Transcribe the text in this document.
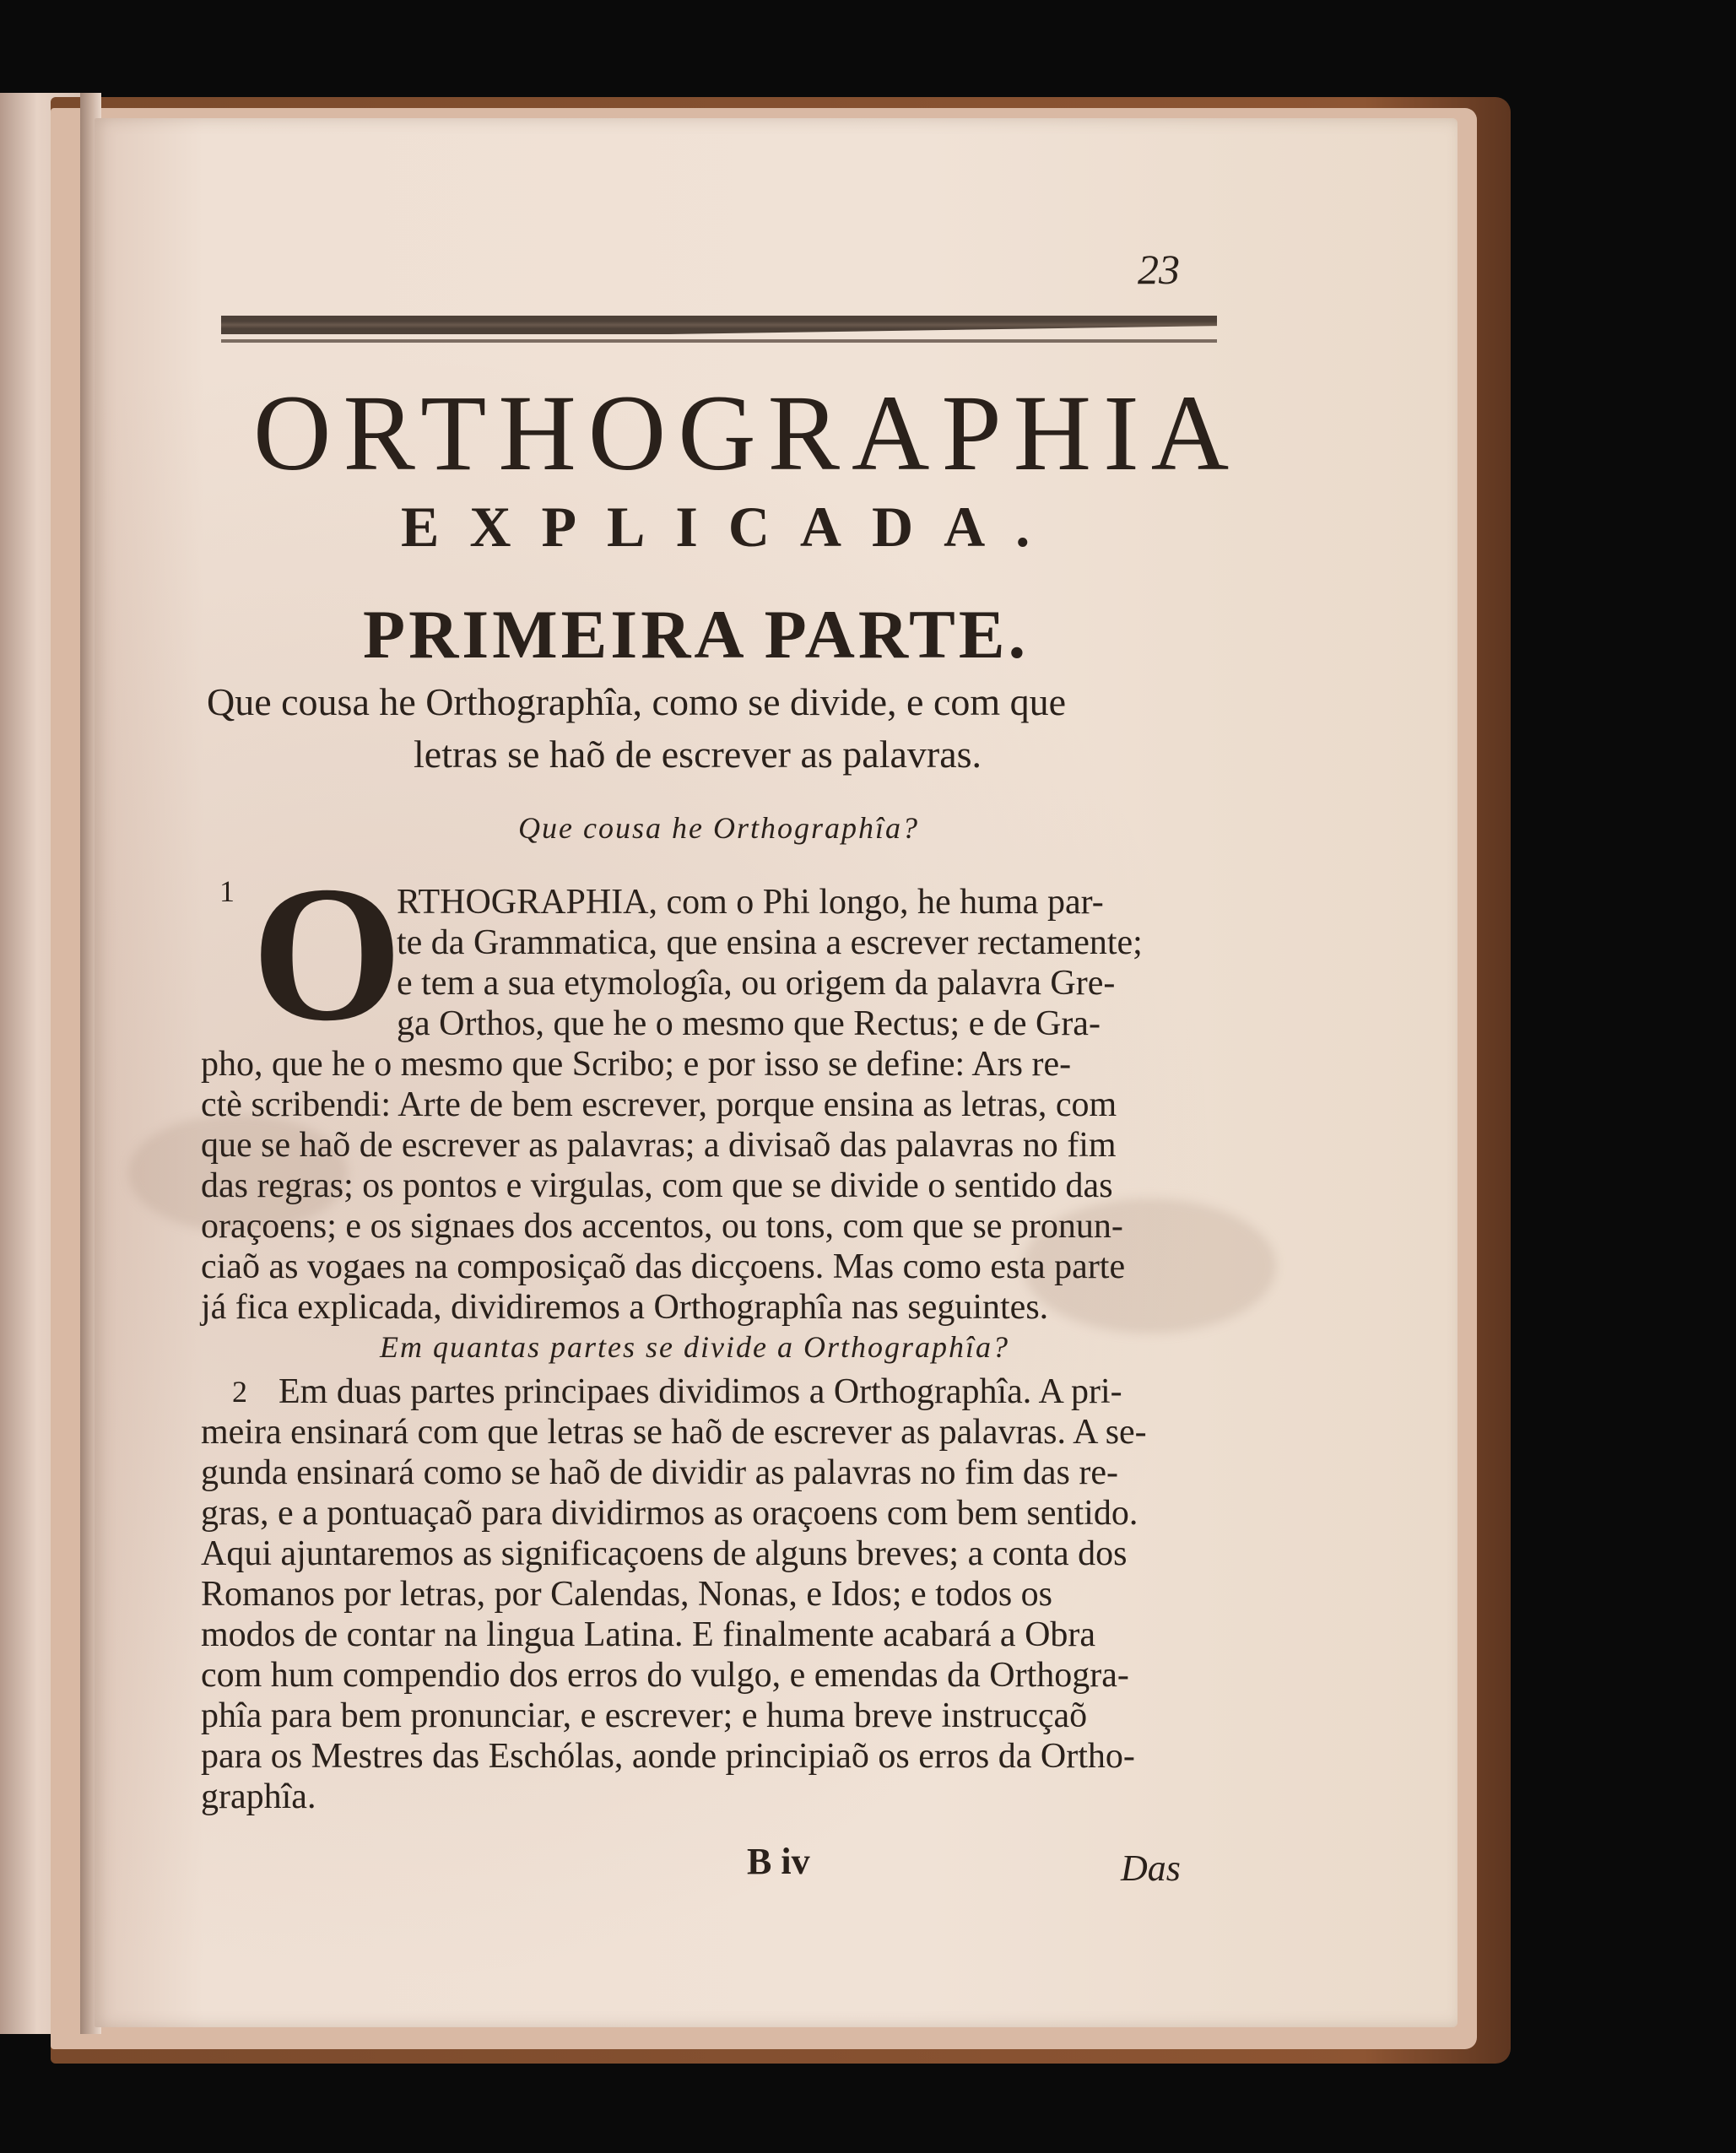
23
ORTHOGRAPHIA
EXPLICADA.
PRIMEIRA PARTE.
Que cousa he Orthographîa, como se divide, e com que
letras se haõ de escrever as palavras.
Que cousa he Orthographîa?
1 O
RTHOGRAPHIA, com o Phi longo, he huma par-
te da Grammatica, que ensina a escrever rectamente;
e tem a sua etymologîa, ou origem da palavra Gre-
ga Orthos, que he o mesmo que Rectus; e de Gra-
pho, que he o mesmo que Scribo; e por isso se define: Ars re-
ctè scribendi: Arte de bem escrever, porque ensina as letras, com
que se haõ de escrever as palavras; a divisaõ das palavras no fim
das regras; os pontos e virgulas, com que se divide o sentido das
oraçoens; e os signaes dos accentos, ou tons, com que se pronun-
ciaõ as vogaes na composiçaõ das dicçoens. Mas como esta parte
já fica explicada, dividiremos a Orthographîa nas seguintes.
Em quantas partes se divide a Orthographîa?
2 Em duas partes principaes dividimos a Orthographîa. A pri-
meira ensinará com que letras se haõ de escrever as palavras. A se-
gunda ensinará como se haõ de dividir as palavras no fim das re-
gras, e a pontuaçaõ para dividirmos as oraçoens com bem sentido.
Aqui ajuntaremos as significaçoens de alguns breves; a conta dos
Romanos por letras, por Calendas, Nonas, e Idos; e todos os
modos de contar na lingua Latina. E finalmente acabará a Obra
com hum compendio dos erros do vulgo, e emendas da Orthogra-
phîa para bem pronunciar, e escrever; e huma breve instrucçaõ
para os Mestres das Eschólas, aonde principiaõ os erros da Ortho-
graphîa.
B iv	Das
